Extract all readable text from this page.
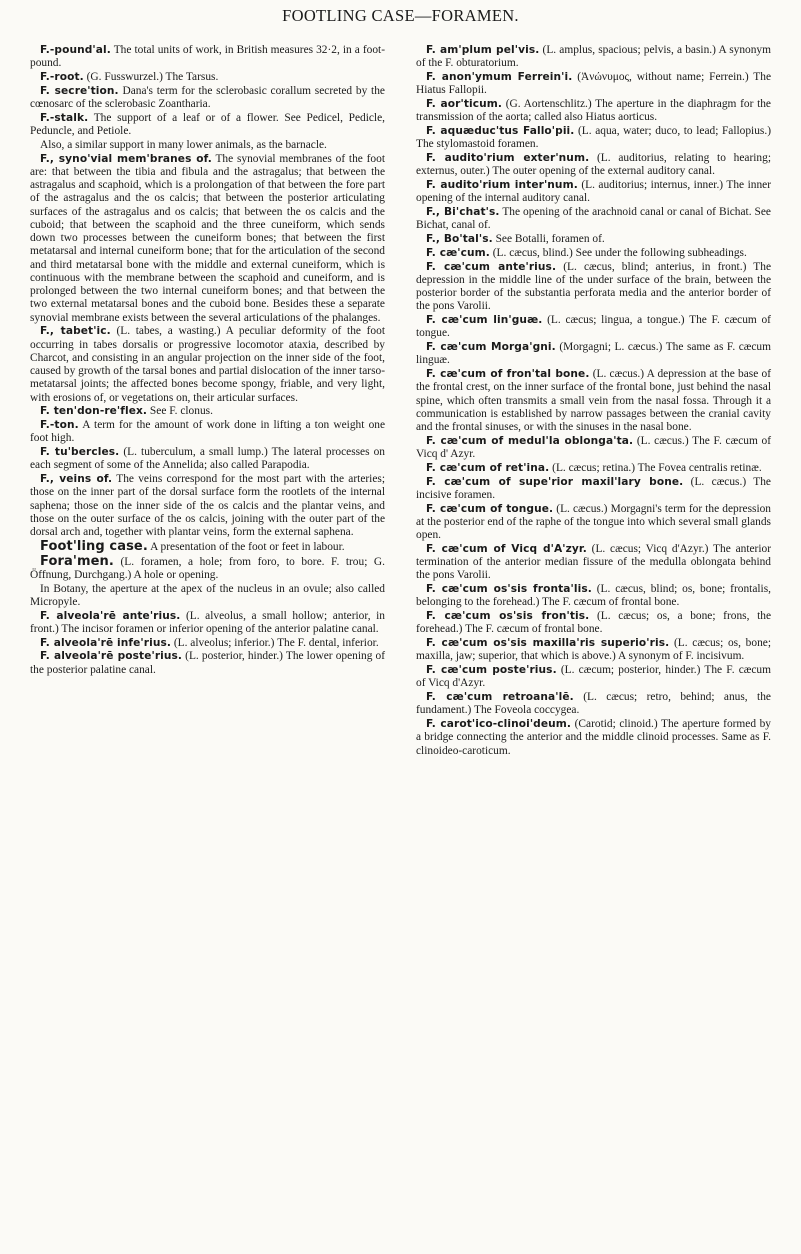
FOOTLING CASE—FORAMEN.

F.-pound'al. The total units of work, in British measures 32·2, in a foot-pound.

F.-root. (G. Fusswurzel.) The Tarsus.

F. secre'tion. Dana's term for the sclerobasic corallum secreted by the cœnosarc of the sclerobasic Zoantharia.

F.-stalk. The support of a leaf or of a flower. See Pedicel, Pedicle, Peduncle, and Petiole.

Also, a similar support in many lower animals, as the barnacle.

F., syno'vial mem'branes of. The synovial membranes of the foot are: that between the tibia and fibula and the astragalus; that between the astragalus and scaphoid, which is a prolongation of that between the fore part of the astragalus and the os calcis; that between the posterior articulating surfaces of the astragalus and os calcis; that between the os calcis and the cuboid; that between the scaphoid and the three cuneiform, which sends down two processes between the cuneiform bones; that between the first metatarsal and internal cuneiform bone; that for the articulation of the second and third metatarsal bone with the middle and external cuneiform, which is continuous with the membrane between the scaphoid and cuneiform, and is prolonged between the two internal cuneiform bones; and that between the two external metatarsal bones and the cuboid bone. Besides these a separate synovial membrane exists between the several articulations of the phalanges.

F., tabet'ic. (L. tabes, a wasting.) A peculiar deformity of the foot occurring in tabes dorsalis or progressive locomotor ataxia, described by Charcot, and consisting in an angular projection on the inner side of the foot, caused by growth of the tarsal bones and partial dislocation of the inner tarso-metatarsal joints; the affected bones become spongy, friable, and very light, with erosions of, or vegetations on, their articular surfaces.

F. ten'don-re'flex. See F. clonus.

F.-ton. A term for the amount of work done in lifting a ton weight one foot high.

F. tu'bercles. (L. tuberculum, a small lump.) The lateral processes on each segment of some of the Annelida; also called Parapodia.

F., veins of. The veins correspond for the most part with the arteries; those on the inner part of the dorsal surface form the rootlets of the internal saphena; those on the inner side of the os calcis and the plantar veins, and those on the outer surface of the os calcis, joining with the outer part of the dorsal arch and, together with plantar veins, form the external saphena.

Foot'ling case. A presentation of the foot or feet in labour.

Fora'men. (L. foramen, a hole; from foro, to bore. F. trou; G. Öffnung, Durchgang.) A hole or opening.

In Botany, the aperture at the apex of the nucleus in an ovule; also called Micropyle.

F. alveola'rē ante'rius. (L. alveolus, a small hollow; anterior, in front.) The incisor foramen or inferior opening of the anterior palatine canal.

F. alveola'rē infe'rius. (L. alveolus; inferior.) The F. dental, inferior.

F. alveola'rē poste'rius. (L. posterior, hinder.) The lower opening of the posterior palatine canal.

F. am'plum pel'vis. (L. amplus, spacious; pelvis, a basin.) A synonym of the F. obturatorium.

F. anon'ymum Ferrein'i. (Ἀνώνυμος, without name; Ferrein.) The Hiatus Fallopii.

F. aor'ticum. (G. Aortenschlitz.) The aperture in the diaphragm for the transmission of the aorta; called also Hiatus aorticus.

F. aquæduc'tus Fallo'pii. (L. aqua, water; duco, to lead; Fallopius.) The stylomastoid foramen.

F. audito'rium exter'num. (L. auditorius, relating to hearing; externus, outer.) The outer opening of the external auditory canal.

F. audito'rium inter'num. (L. auditorius; internus, inner.) The inner opening of the internal auditory canal.

F., Bi'chat's. The opening of the arachnoid canal or canal of Bichat. See Bichat, canal of.

F., Bo'tal's. See Botalli, foramen of.

F. cæ'cum. (L. cæcus, blind.) See under the following subheadings.

F. cæ'cum ante'rius. (L. cæcus, blind; anterius, in front.) The depression in the middle line of the under surface of the brain, between the posterior border of the substantia perforata media and the anterior border of the pons Varolii.

F. cæ'cum lin'guæ. (L. cæcus; lingua, a tongue.) The F. cæcum of tongue.

F. cæ'cum Morga'gni. (Morgagni; L. cæcus.) The same as F. cæcum linguæ.

F. cæ'cum of fron'tal bone. (L. cæcus.) A depression at the base of the frontal crest, on the inner surface of the frontal bone, just behind the nasal spine, which often transmits a small vein from the nasal fossa. Through it a communication is established by narrow passages between the cranial cavity and the frontal sinuses, or with the sinuses in the nasal bone.

F. cæ'cum of medul'la oblonga'ta. (L. cæcus.) The F. cæcum of Vicq d' Azyr.

F. cæ'cum of ret'ina. (L. cæcus; retina.) The Fovea centralis retinæ.

F. cæ'cum of supe'rior maxil'lary bone. (L. cæcus.) The incisive foramen.

F. cæ'cum of tongue. (L. cæcus.) Morgagni's term for the depression at the posterior end of the raphe of the tongue into which several small glands open.

F. cæ'cum of Vicq d'A'zyr. (L. cæcus; Vicq d'Azyr.) The anterior termination of the anterior median fissure of the medulla oblongata behind the pons Varolii.

F. cæ'cum os'sis fronta'lis. (L. cæcus, blind; os, bone; frontalis, belonging to the forehead.) The F. cæcum of frontal bone.

F. cæ'cum os'sis fron'tis. (L. cæcus; os, a bone; frons, the forehead.) The F. cæcum of frontal bone.

F. cæ'cum os'sis maxilla'ris superio'ris. (L. cæcus; os, bone; maxilla, jaw; superior, that which is above.) A synonym of F. incisivum.

F. cæ'cum poste'rius. (L. cæcum; posterior, hinder.) The F. cæcum of Vicq d'Azyr.

F. cæ'cum retroana'lē. (L. cæcus; retro, behind; anus, the fundament.) The Foveola coccygea.

F. carot'ico-clinoi'deum. (Carotid; clinoid.) The aperture formed by a bridge connecting the anterior and the middle clinoid processes. Same as F. clinoideo-caroticum.
